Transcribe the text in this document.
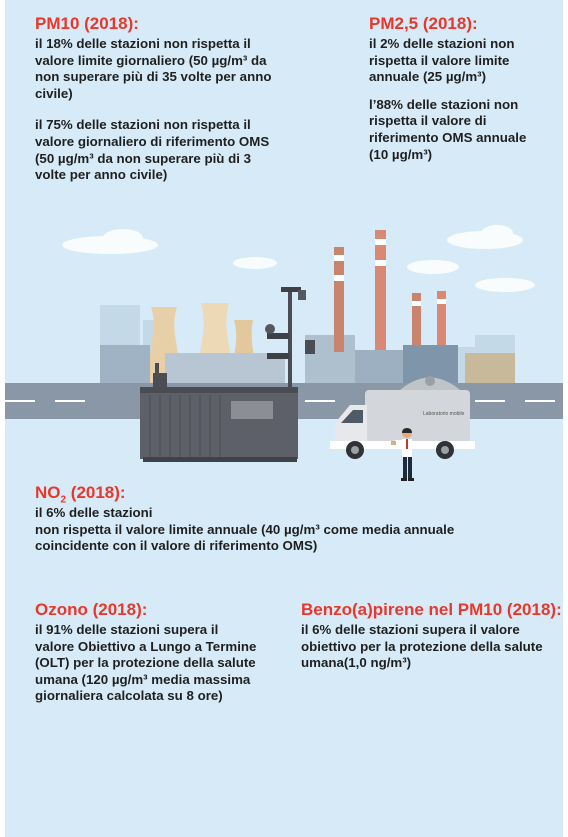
PM10 (2018):

il 18% delle stazioni non rispetta il valore limite giornaliero (50 µg/m³ da non superare più di 35 volte per anno civile)

il 75% delle stazioni non rispetta il valore giornaliero di riferimento OMS (50 µg/m³ da non superare più di 3 volte per anno civile)

PM2,5 (2018):

il 2% delle stazioni non rispetta il valore limite annuale (25 µg/m³)

l’88% delle stazioni non rispetta il valore di riferimento OMS annuale (10 µg/m³)

Laboratorio mobile
$NO_2$ (2018):

il 6% delle stazioni

non rispetta il valore limite annuale (40 µg/m³ come media annuale

coincidente con il valore di riferimento OMS)

Ozono (2018):

il 91% delle stazioni supera il valore Obiettivo a Lungo a Termine (OLT) per la protezione della salute umana (120 µg/m³ media massima giornaliera calcolata su 8 ore)

Benzo(a)pirene nel PM10 (2018):

il 6% delle stazioni supera il valore obiettivo per la protezione della salute umana(1,0 ng/m³)
